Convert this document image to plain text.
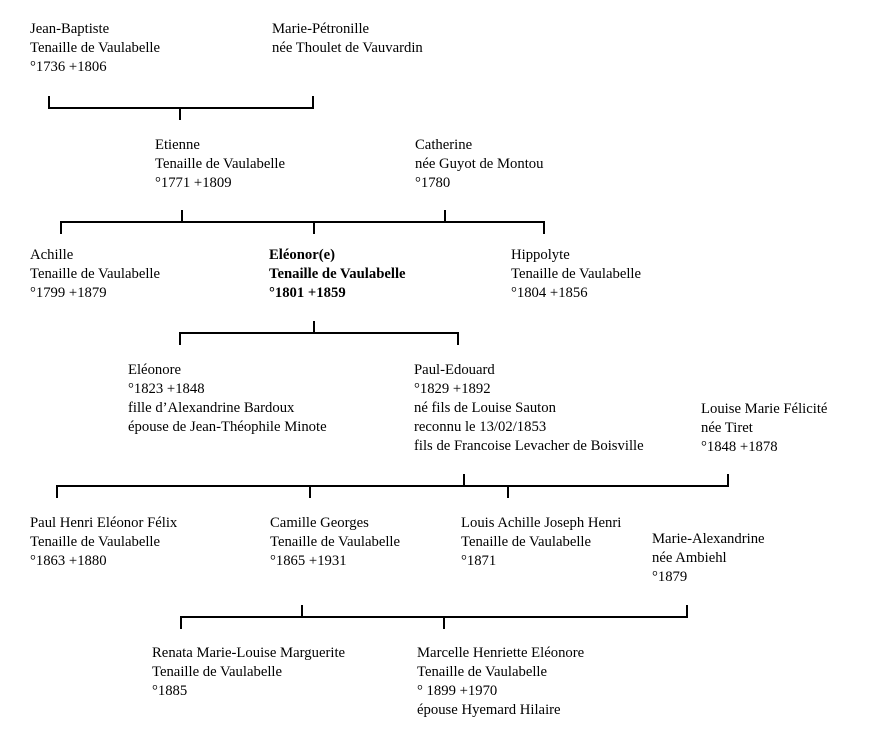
Jean-Baptiste
Tenaille de Vaulabelle
°1736 +1806
Marie-Pétronille
née Thoulet de Vauvardin
Etienne
Tenaille de Vaulabelle
°1771 +1809
Catherine
née Guyot de Montou
°1780
Achille
Tenaille de Vaulabelle
°1799 +1879
Eléonor(e)
Tenaille de Vaulabelle
°1801 +1859
Hippolyte
Tenaille de Vaulabelle
°1804 +1856
Eléonore
°1823 +1848
fille d’Alexandrine Bardoux
épouse de Jean-Théophile Minote
Paul-Edouard
°1829 +1892
né fils de Louise Sauton
reconnu le 13/02/1853
fils de Francoise Levacher de Boisville
Louise Marie Félicité
née Tiret
°1848 +1878
Paul Henri Eléonor Félix
Tenaille de Vaulabelle
°1863 +1880
Camille Georges
Tenaille de Vaulabelle
°1865 +1931
Louis Achille Joseph Henri
Tenaille de Vaulabelle
°1871
Marie-Alexandrine
née Ambiehl
°1879
Renata Marie-Louise Marguerite
Tenaille de Vaulabelle
°1885
Marcelle Henriette Eléonore
Tenaille de Vaulabelle
° 1899 +1970
épouse Hyemard Hilaire
